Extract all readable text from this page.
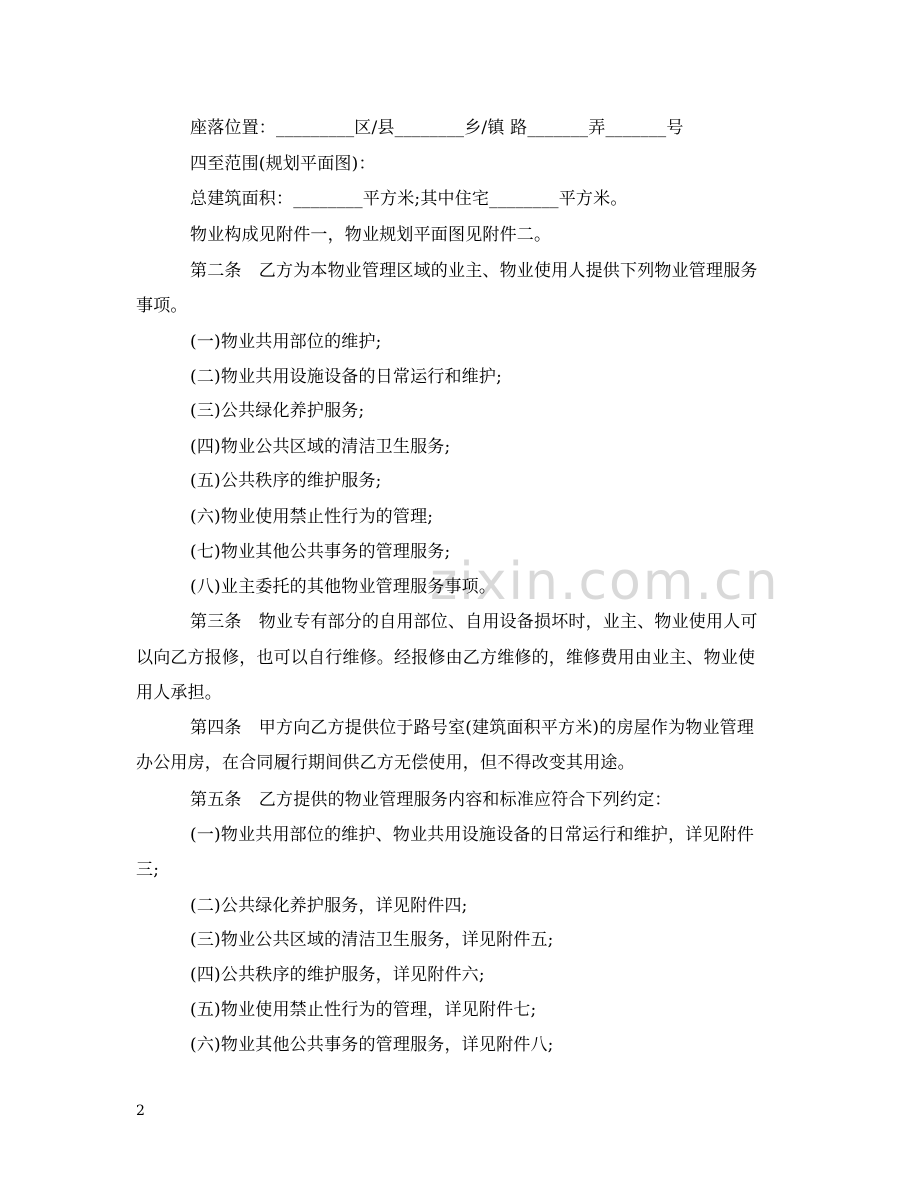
zixin.com.cn
座落位置：_________区/县________乡/镇 路_______弄_______号
四至范围(规划平面图)：
总建筑面积：________平方米;其中住宅________平方米。
物业构成见附件一，物业规划平面图见附件二。
第二条　乙方为本物业管理区域的业主、物业使用人提供下列物业管理服务
事项。
(一)物业共用部位的维护;
(二)物业共用设施设备的日常运行和维护;
(三)公共绿化养护服务;
(四)物业公共区域的清洁卫生服务;
(五)公共秩序的维护服务;
(六)物业使用禁止性行为的管理;
(七)物业其他公共事务的管理服务;
(八)业主委托的其他物业管理服务事项。
第三条　物业专有部分的自用部位、自用设备损坏时，业主、物业使用人可
以向乙方报修，也可以自行维修。经报修由乙方维修的，维修费用由业主、物业使
用人承担。
第四条　甲方向乙方提供位于路号室(建筑面积平方米)的房屋作为物业管理
办公用房，在合同履行期间供乙方无偿使用，但不得改变其用途。
第五条　乙方提供的物业管理服务内容和标准应符合下列约定：
(一)物业共用部位的维护、物业共用设施设备的日常运行和维护，详见附件
三;
(二)公共绿化养护服务，详见附件四;
(三)物业公共区域的清洁卫生服务，详见附件五;
(四)公共秩序的维护服务，详见附件六;
(五)物业使用禁止性行为的管理，详见附件七;
(六)物业其他公共事务的管理服务，详见附件八;
2
